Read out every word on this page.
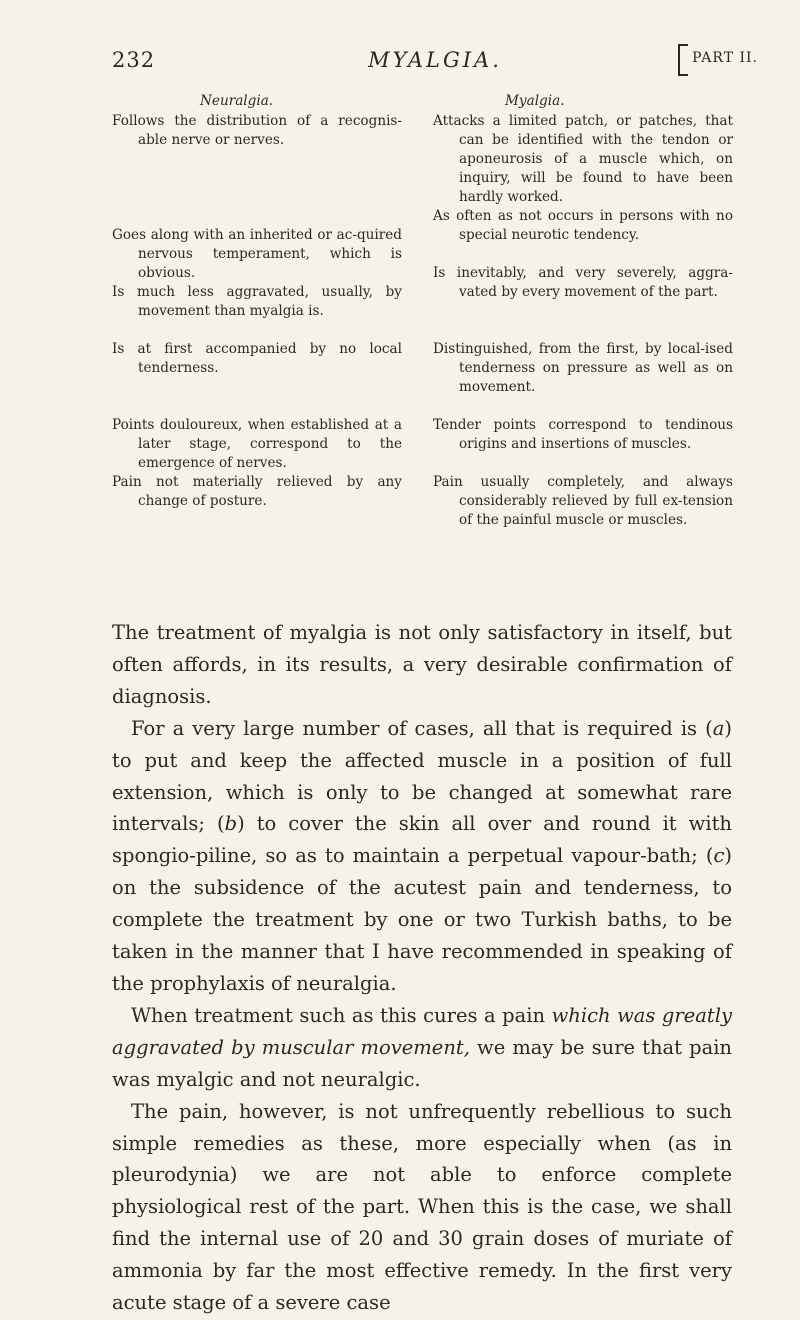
232	MYALGIA.	PART II.
Neuralgia.
Follows the distribution of a recognis-able nerve or nerves.
Goes along with an inherited or ac-quired nervous temperament, which is obvious.
Is much less aggravated, usually, by movement than myalgia is.
Is at first accompanied by no local tenderness.
Points douloureux, when established at a later stage, correspond to the emergence of nerves.
Pain not materially relieved by any change of posture.
Myalgia.
Attacks a limited patch, or patches, that can be identified with the tendon or aponeurosis of a muscle which, on inquiry, will be found to have been hardly worked.
As often as not occurs in persons with no special neurotic tendency.
Is inevitably, and very severely, aggra-vated by every movement of the part.
Distinguished, from the first, by local-ised tenderness on pressure as well as on movement.
Tender points correspond to tendinous origins and insertions of muscles.
Pain usually completely, and always considerably relieved by full ex-tension of the painful muscle or muscles.

The treatment of myalgia is not only satisfactory in itself, but often affords, in its results, a very desirable confirmation of diagnosis.

For a very large number of cases, all that is required is (a) to put and keep the affected muscle in a position of full extension, which is only to be changed at somewhat rare intervals; (b) to cover the skin all over and round it with spongio-piline, so as to maintain a perpetual vapour-bath; (c) on the subsidence of the acutest pain and tenderness, to complete the treatment by one or two Turkish baths, to be taken in the manner that I have recommended in speaking of the prophylaxis of neuralgia.

When treatment such as this cures a pain which was greatly aggravated by muscular movement, we may be sure that pain was myalgic and not neuralgic.

The pain, however, is not unfrequently rebellious to such simple remedies as these, more especially when (as in pleurodynia) we are not able to enforce complete physiological rest of the part. When this is the case, we shall find the internal use of 20 and 30 grain doses of muriate of ammonia by far the most effective remedy. In the first very acute stage of a severe case
